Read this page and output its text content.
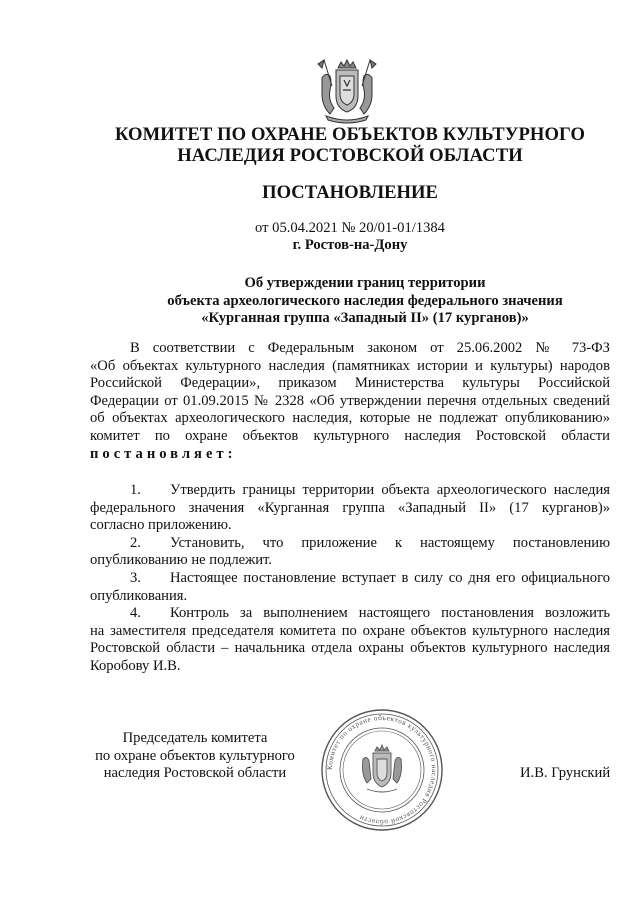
КОМИТЕТ ПО ОХРАНЕ ОБЪЕКТОВ КУЛЬТУРНОГО
НАСЛЕДИЯ РОСТОВСКОЙ ОБЛАСТИ
ПОСТАНОВЛЕНИЕ
от 05.04.2021 № 20/01-01/1384
г. Ростов-на-Дону
Об утверждении границ территории
объекта археологического наследия федерального значения
«Курганная группа «Западный II» (17 курганов)»
В соответствии с Федеральным законом от 25.06.2002 № 73-ФЗ
«Об объектах культурного наследия (памятниках истории и культуры) народов
Российской Федерации», приказом Министерства культуры Российской
Федерации от 01.09.2015 № 2328 «Об утверждении перечня отдельных сведений
об объектах археологического наследия, которые не подлежат опубликованию»
комитет по охране объектов культурного наследия Ростовской области
постановляет:
1. Утвердить границы территории объекта археологического наследия
федерального значения «Курганная группа «Западный II» (17 курганов)»
согласно приложению.
2. Установить, что приложение к настоящему постановлению
опубликованию не подлежит.
3. Настоящее постановление вступает в силу со дня его официального
опубликования.
4. Контроль за выполнением настоящего постановления возложить
на заместителя председателя комитета по охране объектов культурного наследия
Ростовской области – начальника отдела охраны объектов культурного наследия
Коробову И.В.
Председатель комитета
по охране объектов культурного
наследия Ростовской области	Комитет по охране объектов культурного наследия Ростовской области
И.В. Грунский
